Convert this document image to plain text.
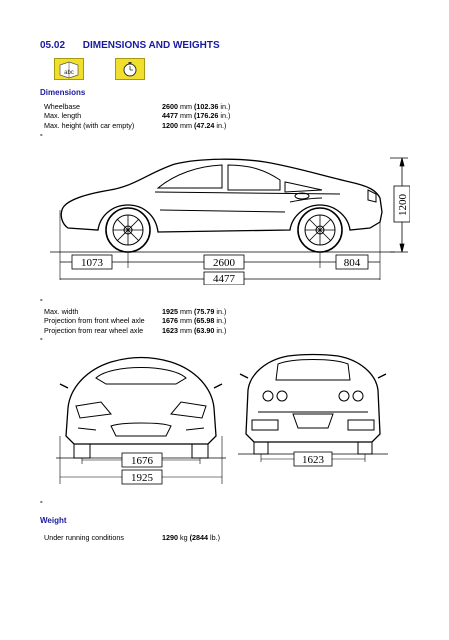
05.02 DIMENSIONS AND WEIGHTS
abc
Dimensions
Wheelbase	2600 mm (102.36 in.)
Max. length	4477 mm (176.26 in.)
Max. height (with car empty)	1200 mm (47.24 in.)
-
1200
1073	2600	804
4477
-
Max. width	1925 mm (75.79 in.)
Projection from front wheel axle 1676 mm (65.98 in.)
Projection from rear wheel axle	1623 mm (63.90 in.)
-
1676
1925
1623
-
Weight
Under running conditions	1290 kg (2844 lb.)
